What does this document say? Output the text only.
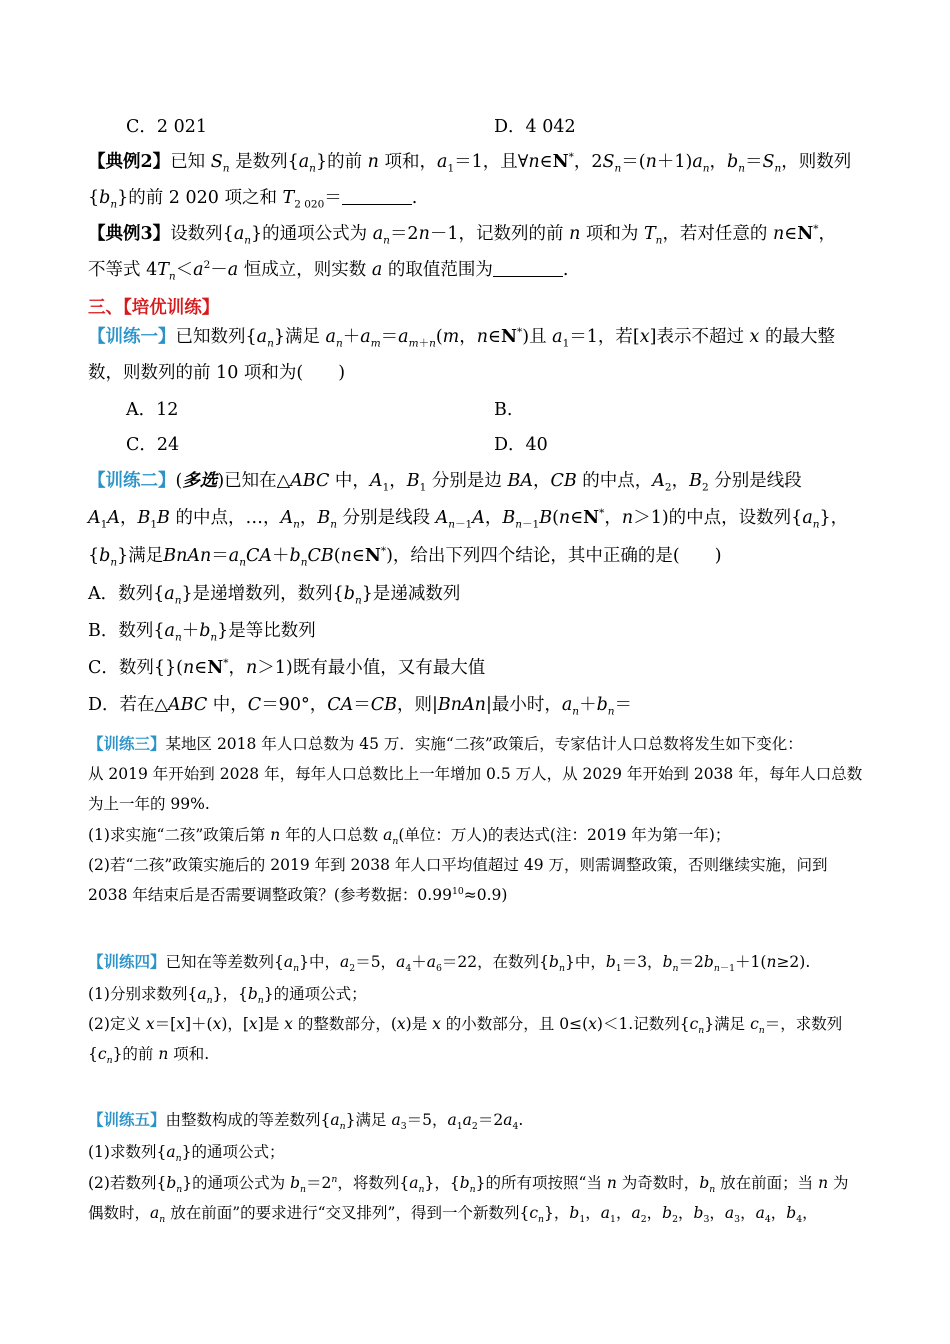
C．2 021	D．4 042
【典例2】已知 $S_n$ 是数列$\{a_n\}$的前 n 项和，$a_1=1$，且∀n∈N*，$2S_n=(n+1)a_n$，$b_n=S_n$，则数列
$\{b_n\}$的前 2 020 项之和 $T_{2 020}=$	.
【典例3】设数列$\{a_n\}$的通项公式为 $a_n=2n-1$，记数列的前 n 项和为 $T_n$，若对任意的 n∈N*，
不等式 $4T_n<a^2-a$ 恒成立，则实数 a 的取值范围为	.
三、【培优训练】
【训练一】已知数列$\{a_n\}$满足 $a_n+a_m=a_{m+n}(m$，n∈N*)且 $a_1=1$，若[x]表示不超过 x 的最大整
数，则数列的前 10 项和为(　　)
A．12	B.
C．24	D．40
【训练二】(多选)已知在△ABC 中，$A_1$，$B_1$ 分别是边 BA，CB 的中点，$A_2$，$B_2$ 分别是线段
$A_1A$，$B_1B$ 的中点，…，$A_n$，$B_n$ 分别是线段 $A_{n-1}A$，$B_{n-1}B(n\in N^*$，n＞1)的中点，设数列$\{a_n\}$，
$\{b_n\}$满足$BnAn=a_nCA+b_nCB(n\in N^*)$，给出下列四个结论，其中正确的是(　　)
A．数列$\{a_n\}$是递增数列，数列$\{b_n\}$是递减数列
B．数列$\{a_n+b_n\}$是等比数列
C．数列{}(n∈N*，n＞1)既有最小值，又有最大值
D．若在△ABC 中，C＝90°，CA＝CB，则|BnAn|最小时，$a_n+b_n=$
【训练三】某地区 2018 年人口总数为 45 万．实施“二孩”政策后，专家估计人口总数将发生如下变化：
从 2019 年开始到 2028 年，每年人口总数比上一年增加 0.5 万人，从 2029 年开始到 2038 年，每年人口总数
为上一年的 99%.
(1)求实施“二孩”政策后第 n 年的人口总数 $a_n$(单位：万人)的表达式(注：2019 年为第一年)；
(2)若“二孩”政策实施后的 2019 年到 2038 年人口平均值超过 49 万，则需调整政策，否则继续实施，问到
2038 年结束后是否需要调整政策？(参考数据：$0.99^{10}\approx 0.9$)
【训练四】已知在等差数列$\{a_n\}$中，$a_2=5$，$a_4+a_6=22$，在数列$\{b_n\}$中，$b_1=3$，$b_n=2b_{n-1}+1(n\ge 2)$.
(1)分别求数列$\{a_n\}$，$\{b_n\}$的通项公式；
(2)定义 x＝[x]＋(x)，[x]是 x 的整数部分，(x)是 x 的小数部分，且 0≤(x)＜1.记数列$\{c_n\}$满足 $c_n=$，求数列
$\{c_n\}$的前 n 项和.
【训练五】由整数构成的等差数列$\{a_n\}$满足 $a_3=5$，$a_1a_2=2a_4$.
(1)求数列$\{a_n\}$的通项公式；
(2)若数列$\{b_n\}$的通项公式为 $b_n=2^n$，将数列$\{a_n\}$，$\{b_n\}$的所有项按照“当 n 为奇数时，$b_n$ 放在前面；当 n 为
偶数时，$a_n$ 放在前面”的要求进行“交叉排列”，得到一个新数列$\{c_n\}$，$b_1$，$a_1$，$a_2$，$b_2$，$b_3$，$a_3$，$a_4$，$b_4$，
